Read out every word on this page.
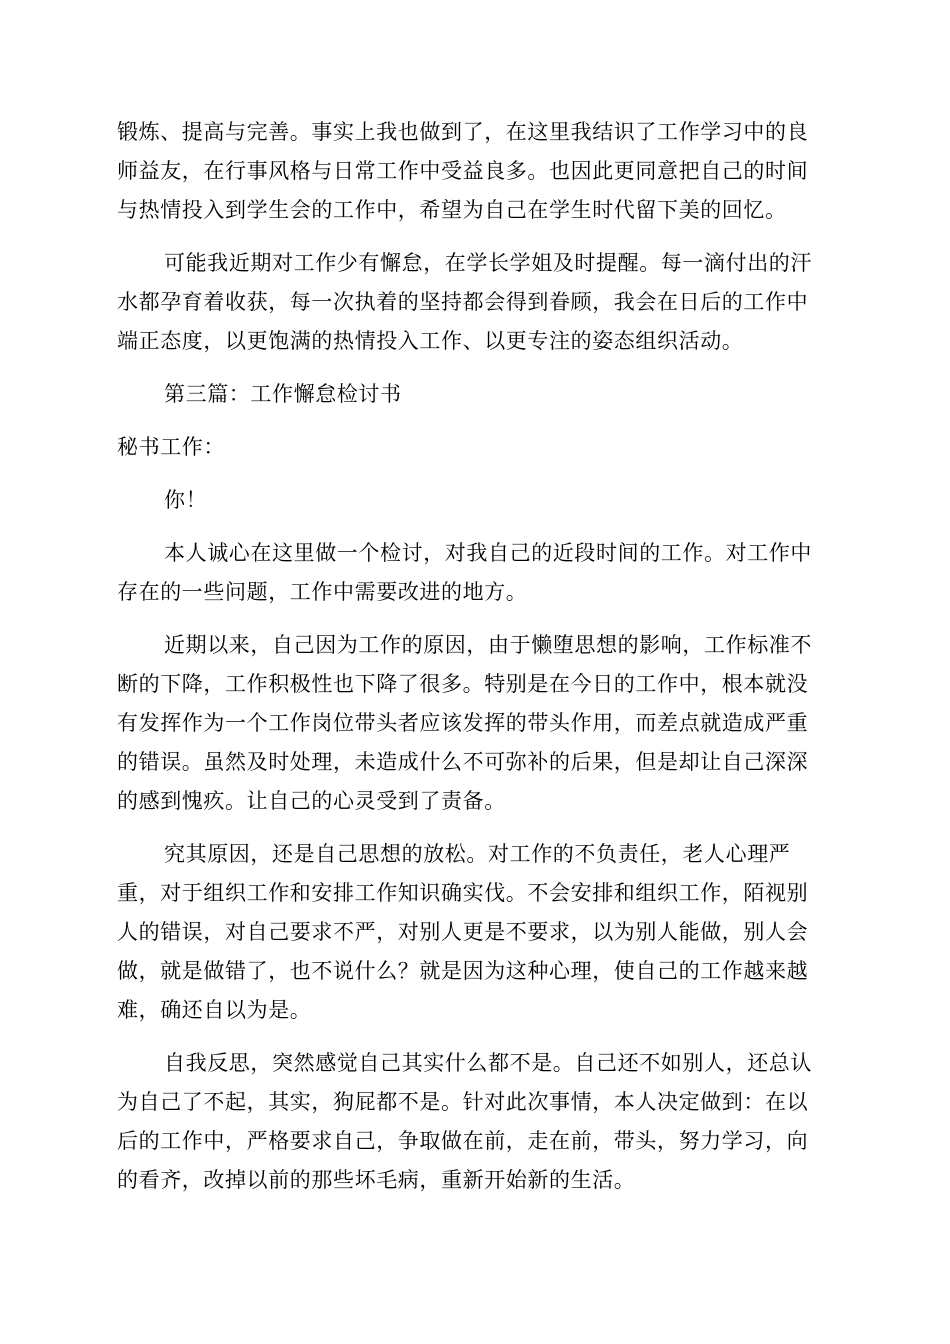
锻炼、提高与完善。事实上我也做到了，在这里我结识了工作学习中的良
师益友，在行事风格与日常工作中受益良多。也因此更同意把自己的时间
与热情投入到学生会的工作中，希望为自己在学生时代留下美的回忆。
可能我近期对工作少有懈怠，在学长学姐及时提醒。每一滴付出的汗
水都孕育着收获，每一次执着的坚持都会得到眷顾，我会在日后的工作中
端正态度，以更饱满的热情投入工作、以更专注的姿态组织活动。
第三篇：工作懈怠检讨书
秘书工作：
你！
本人诚心在这里做一个检讨，对我自己的近段时间的工作。对工作中
存在的一些问题，工作中需要改进的地方。
近期以来，自己因为工作的原因，由于懒堕思想的影响，工作标准不
断的下降，工作积极性也下降了很多。特别是在今日的工作中，根本就没
有发挥作为一个工作岗位带头者应该发挥的带头作用，而差点就造成严重
的错误。虽然及时处理，未造成什么不可弥补的后果，但是却让自己深深
的感到愧疚。让自己的心灵受到了责备。
究其原因，还是自己思想的放松。对工作的不负责任，老人心理严
重，对于组织工作和安排工作知识确实伐。不会安排和组织工作，陌视别
人的错误，对自己要求不严，对别人更是不要求，以为别人能做，别人会
做，就是做错了，也不说什么？就是因为这种心理，使自己的工作越来越
难，确还自以为是。
自我反思，突然感觉自己其实什么都不是。自己还不如别人，还总认
为自己了不起，其实，狗屁都不是。针对此次事情，本人决定做到：在以
后的工作中，严格要求自己，争取做在前，走在前，带头，努力学习，向
的看齐，改掉以前的那些坏毛病，重新开始新的生活。
